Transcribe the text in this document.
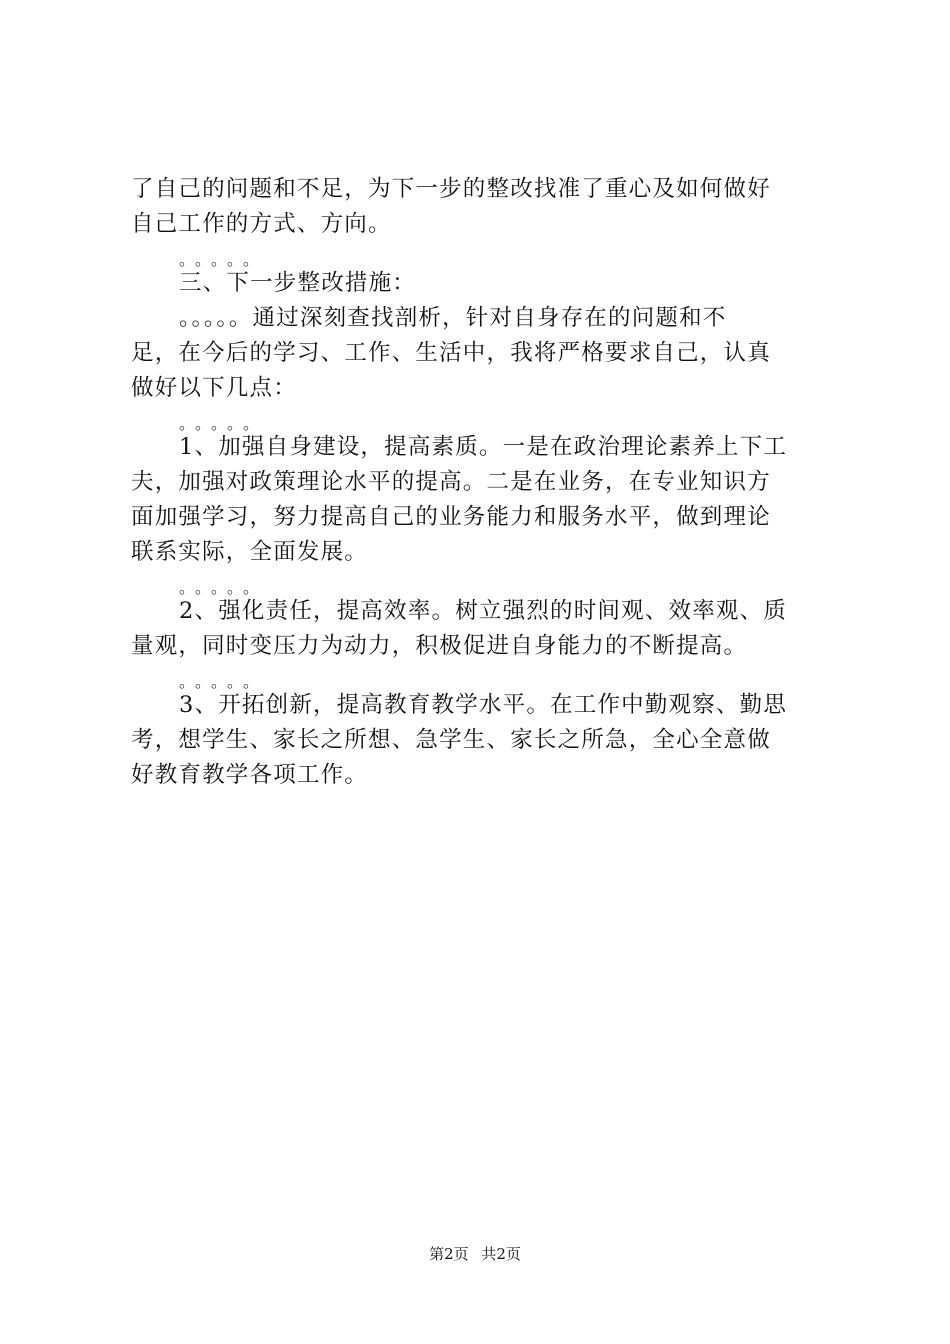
了自己的问题和不足，为下一步的整改找准了重心及如何做好
自己工作的方式、方向。
。。。。。
三、下一步整改措施：
。。。。。通过深刻查找剖析，针对自身存在的问题和不
足，在今后的学习、工作、生活中，我将严格要求自己，认真
做好以下几点：
。。。。。
1、加强自身建设，提高素质。一是在政治理论素养上下工
夫，加强对政策理论水平的提高。二是在业务，在专业知识方
面加强学习，努力提高自己的业务能力和服务水平，做到理论
联系实际，全面发展。
。。。。。
2、强化责任，提高效率。树立强烈的时间观、效率观、质
量观，同时变压力为动力，积极促进自身能力的不断提高。
。。。。。
3、开拓创新，提高教育教学水平。在工作中勤观察、勤思
考，想学生、家长之所想、急学生、家长之所急，全心全意做
好教育教学各项工作。
第2页 共2页
